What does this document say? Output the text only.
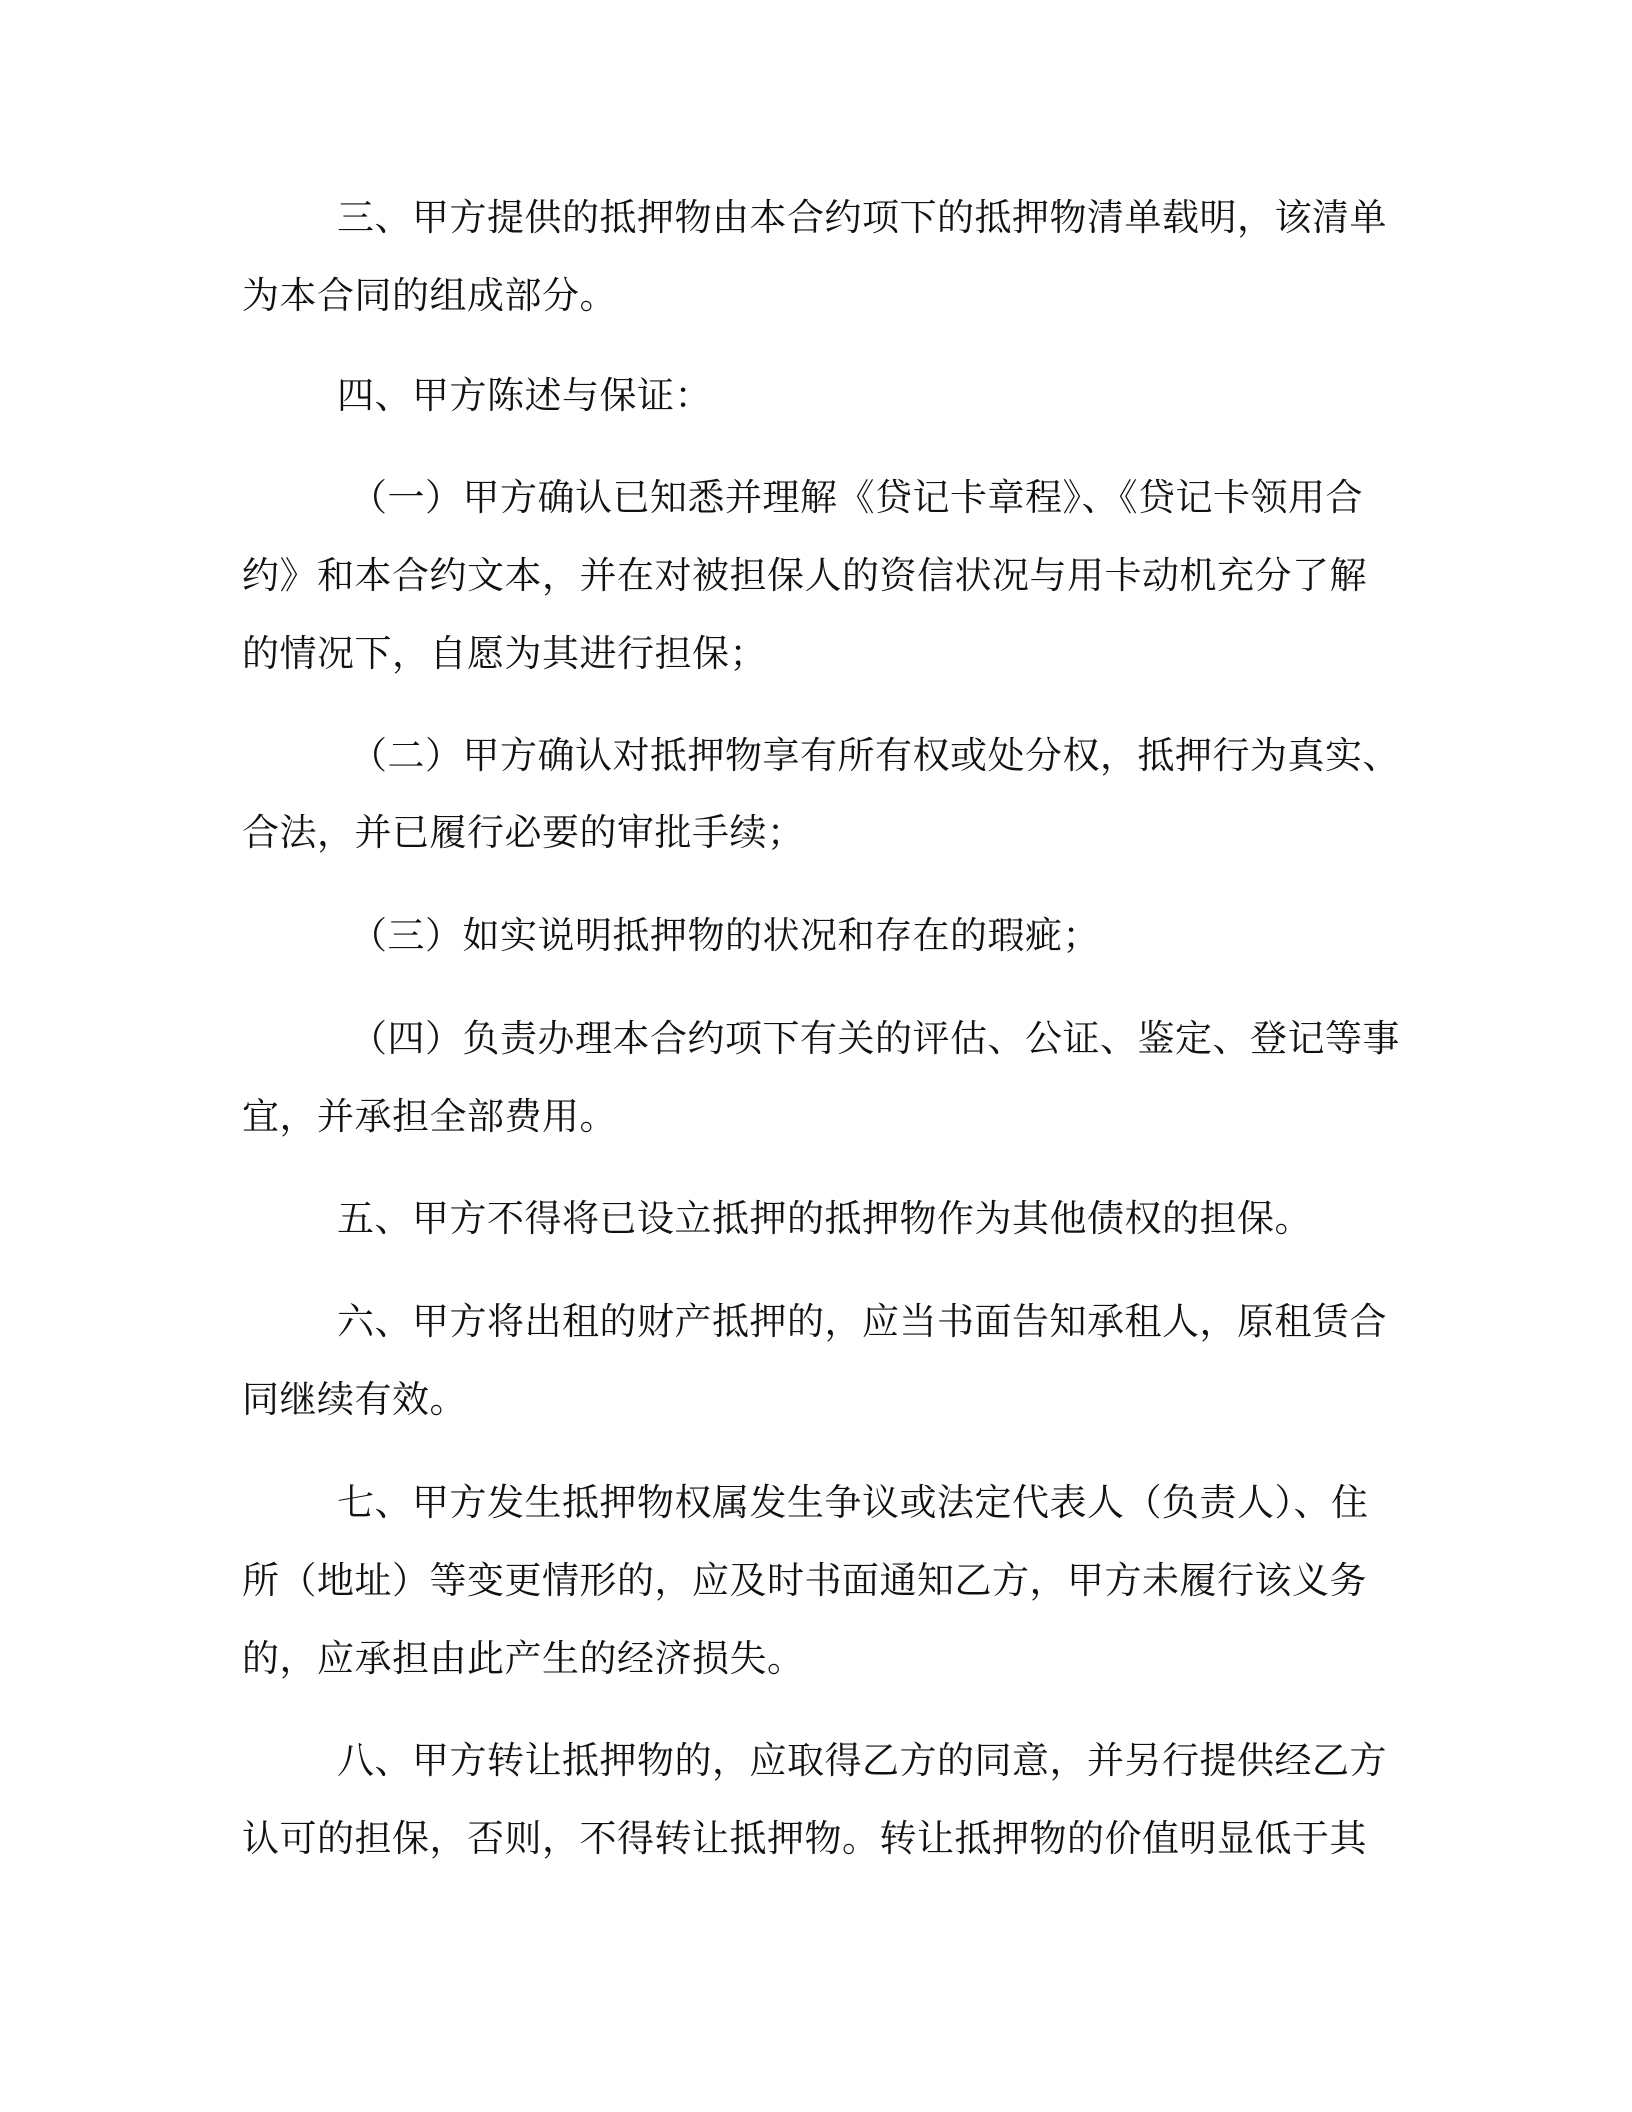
三、甲方提供的抵押物由本合约项下的抵押物清单载明，该清单

为本合同的组成部分。

四、甲方陈述与保证：

（一）甲方确认已知悉并理解《贷记卡章程》、《贷记卡领用合

约》和本合约文本，并在对被担保人的资信状况与用卡动机充分了解

的情况下，自愿为其进行担保；

（二）甲方确认对抵押物享有所有权或处分权，抵押行为真实、

合法，并已履行必要的审批手续；

（三）如实说明抵押物的状况和存在的瑕疵；

（四）负责办理本合约项下有关的评估、公证、鉴定、登记等事

宜，并承担全部费用。

五、甲方不得将已设立抵押的抵押物作为其他债权的担保。

六、甲方将出租的财产抵押的，应当书面告知承租人，原租赁合

同继续有效。

七、甲方发生抵押物权属发生争议或法定代表人（负责人）、住

所（地址）等变更情形的，应及时书面通知乙方，甲方未履行该义务

的，应承担由此产生的经济损失。

八、甲方转让抵押物的，应取得乙方的同意，并另行提供经乙方

认可的担保，否则，不得转让抵押物。转让抵押物的价值明显低于其
